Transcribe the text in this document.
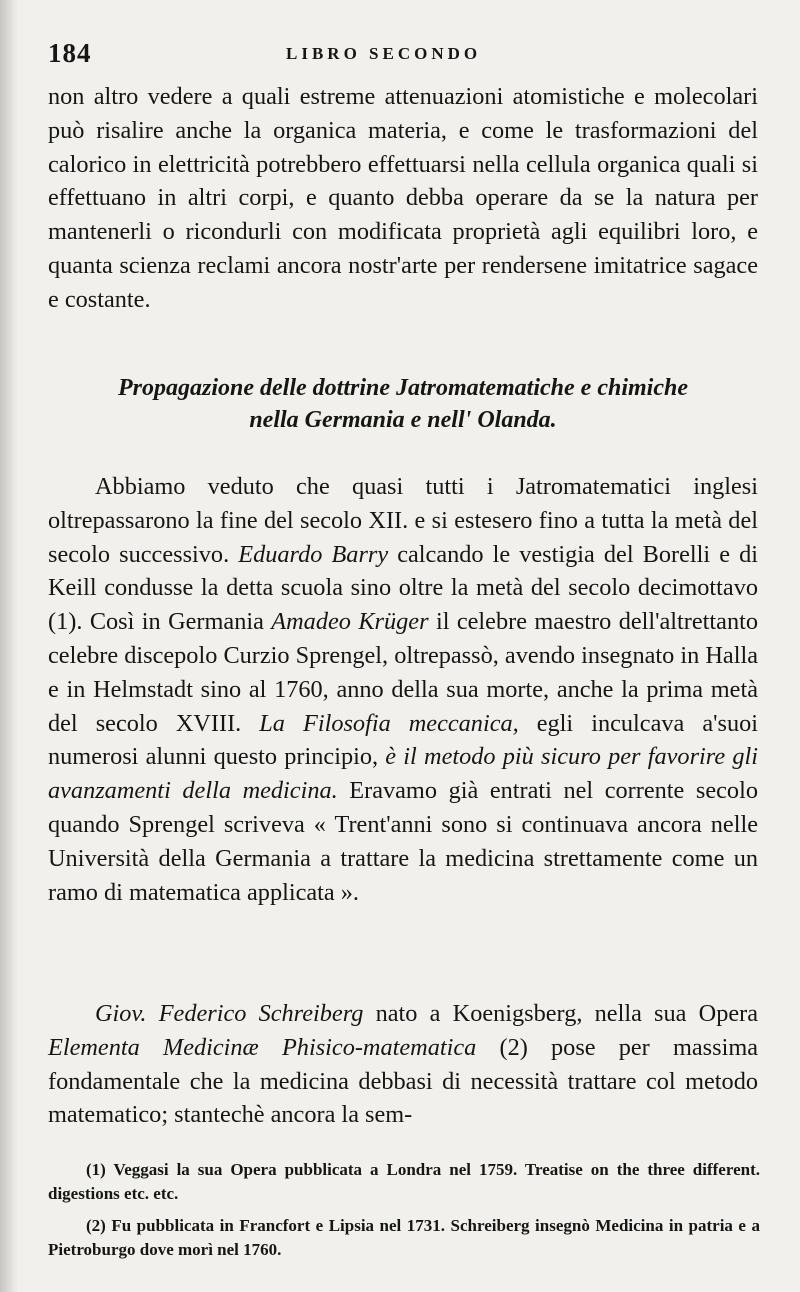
184	LIBRO SECONDO

non altro vedere a quali estreme attenuazioni atomistiche e molecolari può risalire anche la organica materia, e come le trasformazioni del calorico in elettricità potrebbero effettuarsi nella cellula organica quali si effettuano in altri corpi, e quanto debba operare da se la natura per mantenerli o ricondurli con modificata proprietà agli equilibri loro, e quanta scienza reclami ancora nostr'arte per rendersene imitatrice sagace e costante.

Propagazione delle dottrine Jatromatematiche e chimiche
nella Germania e nell' Olanda.

Abbiamo veduto che quasi tutti i Jatromatematici inglesi oltrepassarono la fine del secolo XII. e si estesero fino a tutta la metà del secolo successivo. Eduardo Barry calcando le vestigia del Borelli e di Keill condusse la detta scuola sino oltre la metà del secolo decimottavo (1). Così in Germania Amadeo Krüger il celebre maestro dell'altrettanto celebre discepolo Curzio Sprengel, oltrepassò, avendo insegnato in Halla e in Helmstadt sino al 1760, anno della sua morte, anche la prima metà del secolo XVIII. La Filosofia meccanica, egli inculcava a'suoi numerosi alunni questo principio, è il metodo più sicuro per favorire gli avanzamenti della medicina. Eravamo già entrati nel corrente secolo quando Sprengel scriveva « Trent'anni sono si continuava ancora nelle Università della Germania a trattare la medicina strettamente come un ramo di matematica applicata ».

Giov. Federico Schreiberg nato a Koenigsberg, nella sua Opera Elementa Medicinæ Phisico-matematica (2) pose per massima fondamentale che la medicina debbasi di necessità trattare col metodo matematico; stantechè ancora la sem-

(1) Veggasi la sua Opera pubblicata a Londra nel 1759. Treatise on the three different. digestions etc. etc.

(2) Fu pubblicata in Francfort e Lipsia nel 1731. Schreiberg insegnò Medicina in patria e a Pietroburgo dove morì nel 1760.
